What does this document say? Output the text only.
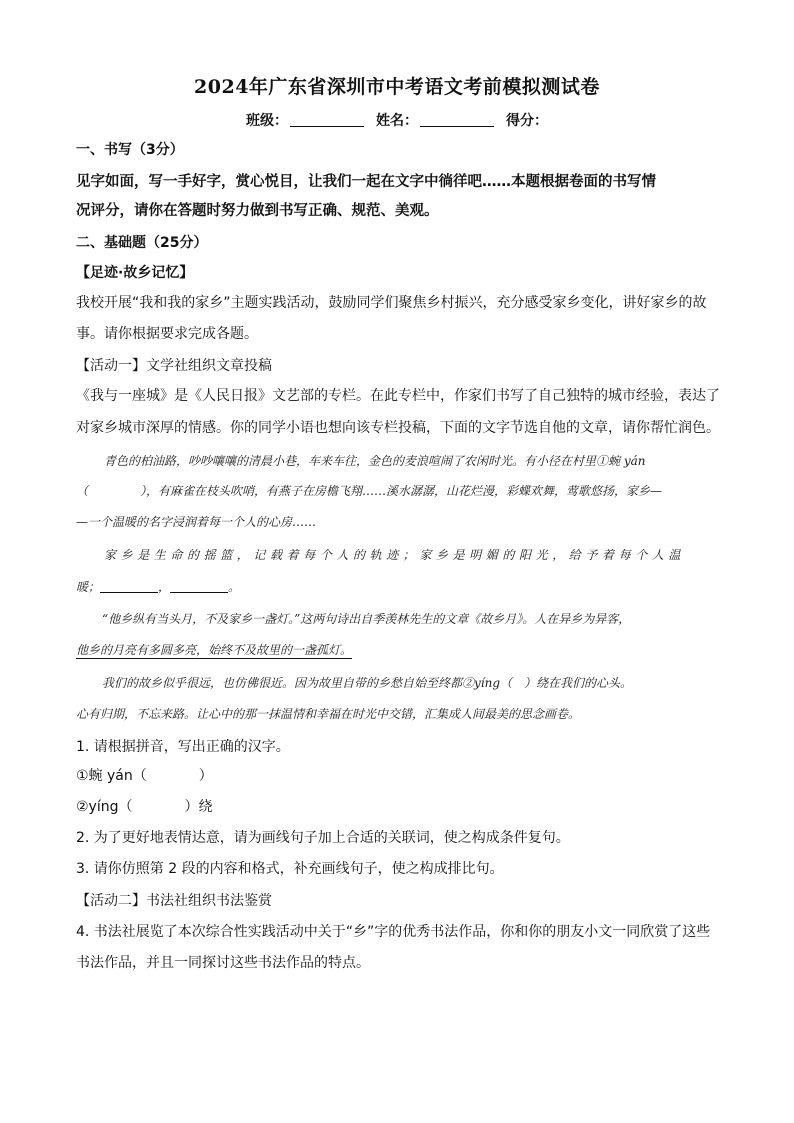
2024年广东省深圳市中考语文考前模拟测试卷
班级：	姓名：	得分：
一、书写（3分）
见字如面，写一手好字，赏心悦目，让我们一起在文字中徜徉吧……本题根据卷面的书写情
况评分，请你在答题时努力做到书写正确、规范、美观。
二、基础题（25分）
【足迹·故乡记忆】
我校开展“我和我的家乡”主题实践活动，鼓励同学们聚焦乡村振兴，充分感受家乡变化，讲好家乡的故
事。请你根据要求完成各题。
【活动一】文学社组织文章投稿
《我与一座城》是《人民日报》文艺部的专栏。在此专栏中，作家们书写了自己独特的城市经验，表达了
对家乡城市深厚的情感。你的同学小语也想向该专栏投稿，下面的文字节选自他的文章，请你帮忙润色。
青色的柏油路，吵吵嚷嚷的清晨小巷，车来车往，金色的麦浪喧闹了农闲时光。有小径在村里①蜿 yán
（	），有麻雀在枝头吹哨，有燕子在房檐飞翔……溪水潺潺，山花烂漫，彩蝶欢舞，莺歌悠扬，家乡—
—一个温暖的名字浸润着每一个人的心房……
家乡是生命的摇篮，记载着每个人的轨迹；家乡是明媚的阳光，给予着每个人温
暖；	，	。
“他乡纵有当头月，不及家乡一盏灯。”这两句诗出自季羡林先生的文章《故乡月》。人在异乡为异客，
他乡的月亮有多圆多亮，始终不及故里的一盏孤灯。
我们的故乡似乎很远，也仿佛很近。因为故里自带的乡愁自始至终都②yíng（　）绕在我们的心头。
心有归期，不忘来路。让心中的那一抹温情和幸福在时光中交错，汇集成人间最美的思念画卷。
1. 请根据拼音，写出正确的汉字。
①蜿 yán（	）
②yíng（	）绕
2. 为了更好地表情达意，请为画线句子加上合适的关联词，使之构成条件复句。
3. 请你仿照第 2 段的内容和格式，补充画线句子，使之构成排比句。
【活动二】书法社组织书法鉴赏
4. 书法社展览了本次综合性实践活动中关于“乡”字的优秀书法作品，你和你的朋友小文一同欣赏了这些
书法作品，并且一同探讨这些书法作品的特点。
